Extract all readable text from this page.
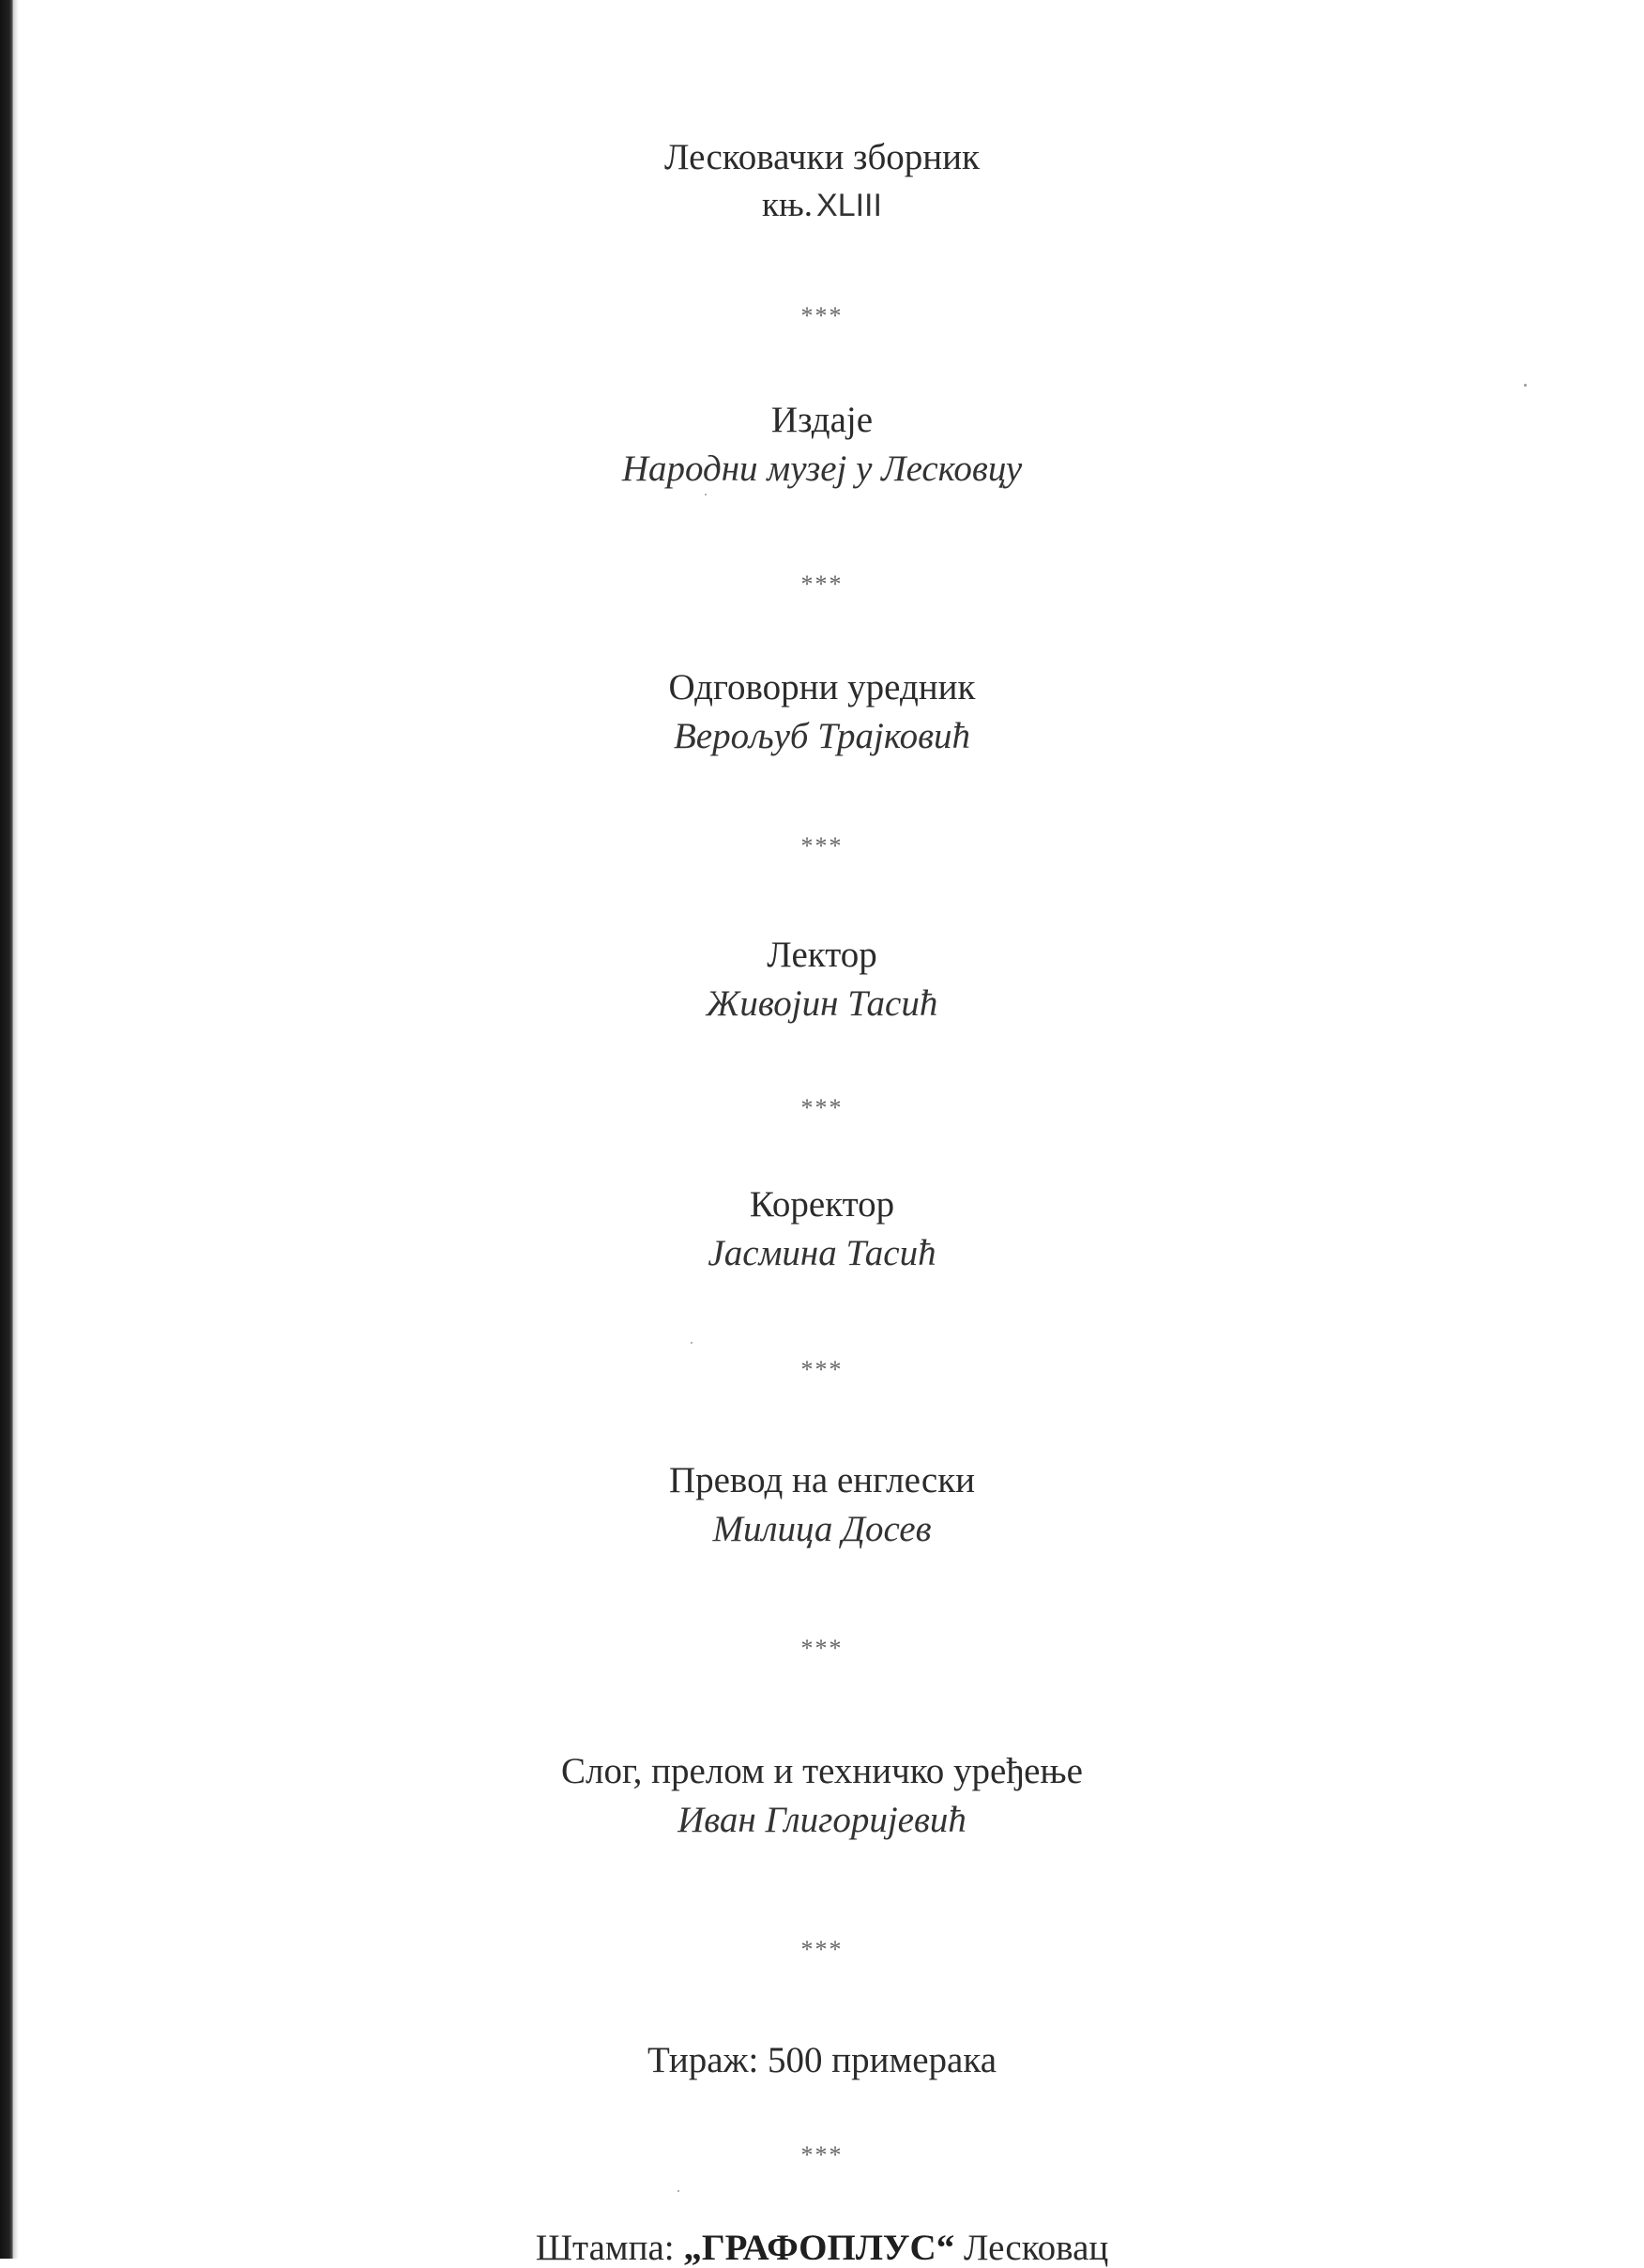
Лесковачки зборник
књ. XLIII
***
Издаје
Народни музеј у Лесковцу
***
Одговорни уредник
Верољуб Трајковић
***
Лектор
Живојин Тасић
***
Коректор
Јасмина Тасић
***
Превод на енглески
Милица Досев
***
Слог, прелом и техничко уређење
Иван Глигоријевић
***
Тираж: 500 примерака
***
Штампа: „ГРАФОПЛУС“ Лесковац
